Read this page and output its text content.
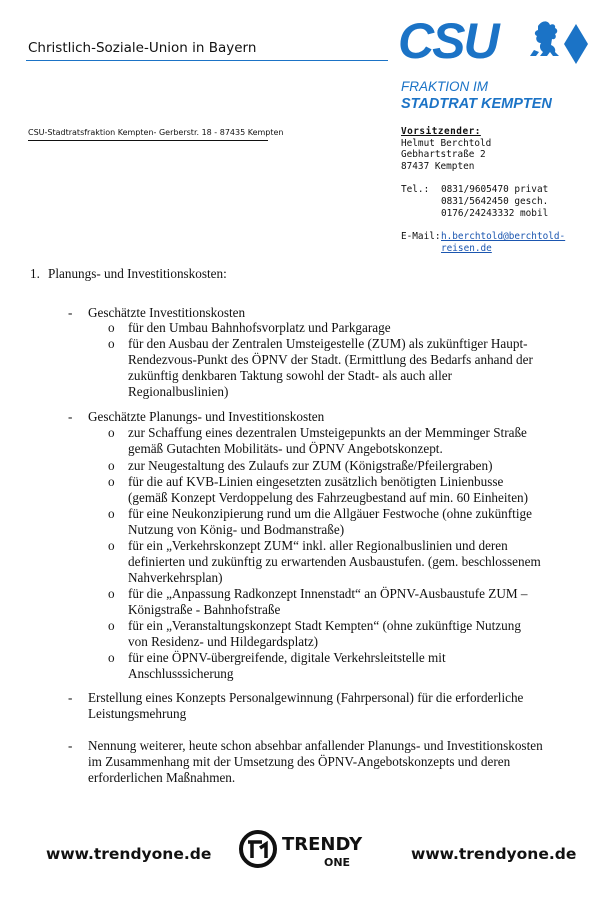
Christlich-Soziale-Union in Bayern	CSU
FRAKTION IM
STADTRAT KEMPTEN
CSU-Stadtratsfraktion Kempten- Gerberstr. 18 - 87435 Kempten	Vorsitzender:
Helmut Berchtold
Gebhartstraße 2
87437 Kempten
Tel.:	0831/9605470 privat
0831/5642450 gesch.
0176/24243332 mobil
E-Mail: h.berchtold@berchtold-
reisen.de
1. Planungs- und Investitionskosten:
- Geschätzte Investitionskosten
o für den Umbau Bahnhofsvorplatz und Parkgarage
o für den Ausbau der Zentralen Umsteigestelle (ZUM) als zukünftiger Haupt-
Rendezvous-Punkt des ÖPNV der Stadt. (Ermittlung des Bedarfs anhand der
zukünftig denkbaren Taktung sowohl der Stadt- als auch aller
Regionalbuslinien)
- Geschätzte Planungs- und Investitionskosten
o zur Schaffung eines dezentralen Umsteigepunkts an der Memminger Straße
gemäß Gutachten Mobilitäts- und ÖPNV Angebotskonzept.
o zur Neugestaltung des Zulaufs zur ZUM (Königstraße/Pfeilergraben)
o für die auf KVB-Linien eingesetzten zusätzlich benötigten Linienbusse
(gemäß Konzept Verdoppelung des Fahrzeugbestand auf min. 60 Einheiten)
o für eine Neukonzipierung rund um die Allgäuer Festwoche (ohne zukünftige
Nutzung von König- und Bodmanstraße)
o für ein „Verkehrskonzept ZUM“ inkl. aller Regionalbuslinien und deren
definierten und zukünftig zu erwartenden Ausbaustufen. (gem. beschlossenem
Nahverkehrsplan)
o für die „Anpassung Radkonzept Innenstadt“ an ÖPNV-Ausbaustufe ZUM –
Königstraße - Bahnhofstraße
o für ein „Veranstaltungskonzept Stadt Kempten“ (ohne zukünftige Nutzung
von Residenz- und Hildegardsplatz)
o für eine ÖPNV-übergreifende, digitale Verkehrsleitstelle mit
Anschlusssicherung
- Erstellung eines Konzepts Personalgewinnung (Fahrpersonal) für die erforderliche
Leistungsmehrung
- Nennung weiterer, heute schon absehbar anfallender Planungs- und Investitionskosten
im Zusammenhang mit der Umsetzung des ÖPNV-Angebotskonzepts und deren
erforderlichen Maßnahmen.
www.trendyone.de	TRENDY
ONE	www.trendyone.de
